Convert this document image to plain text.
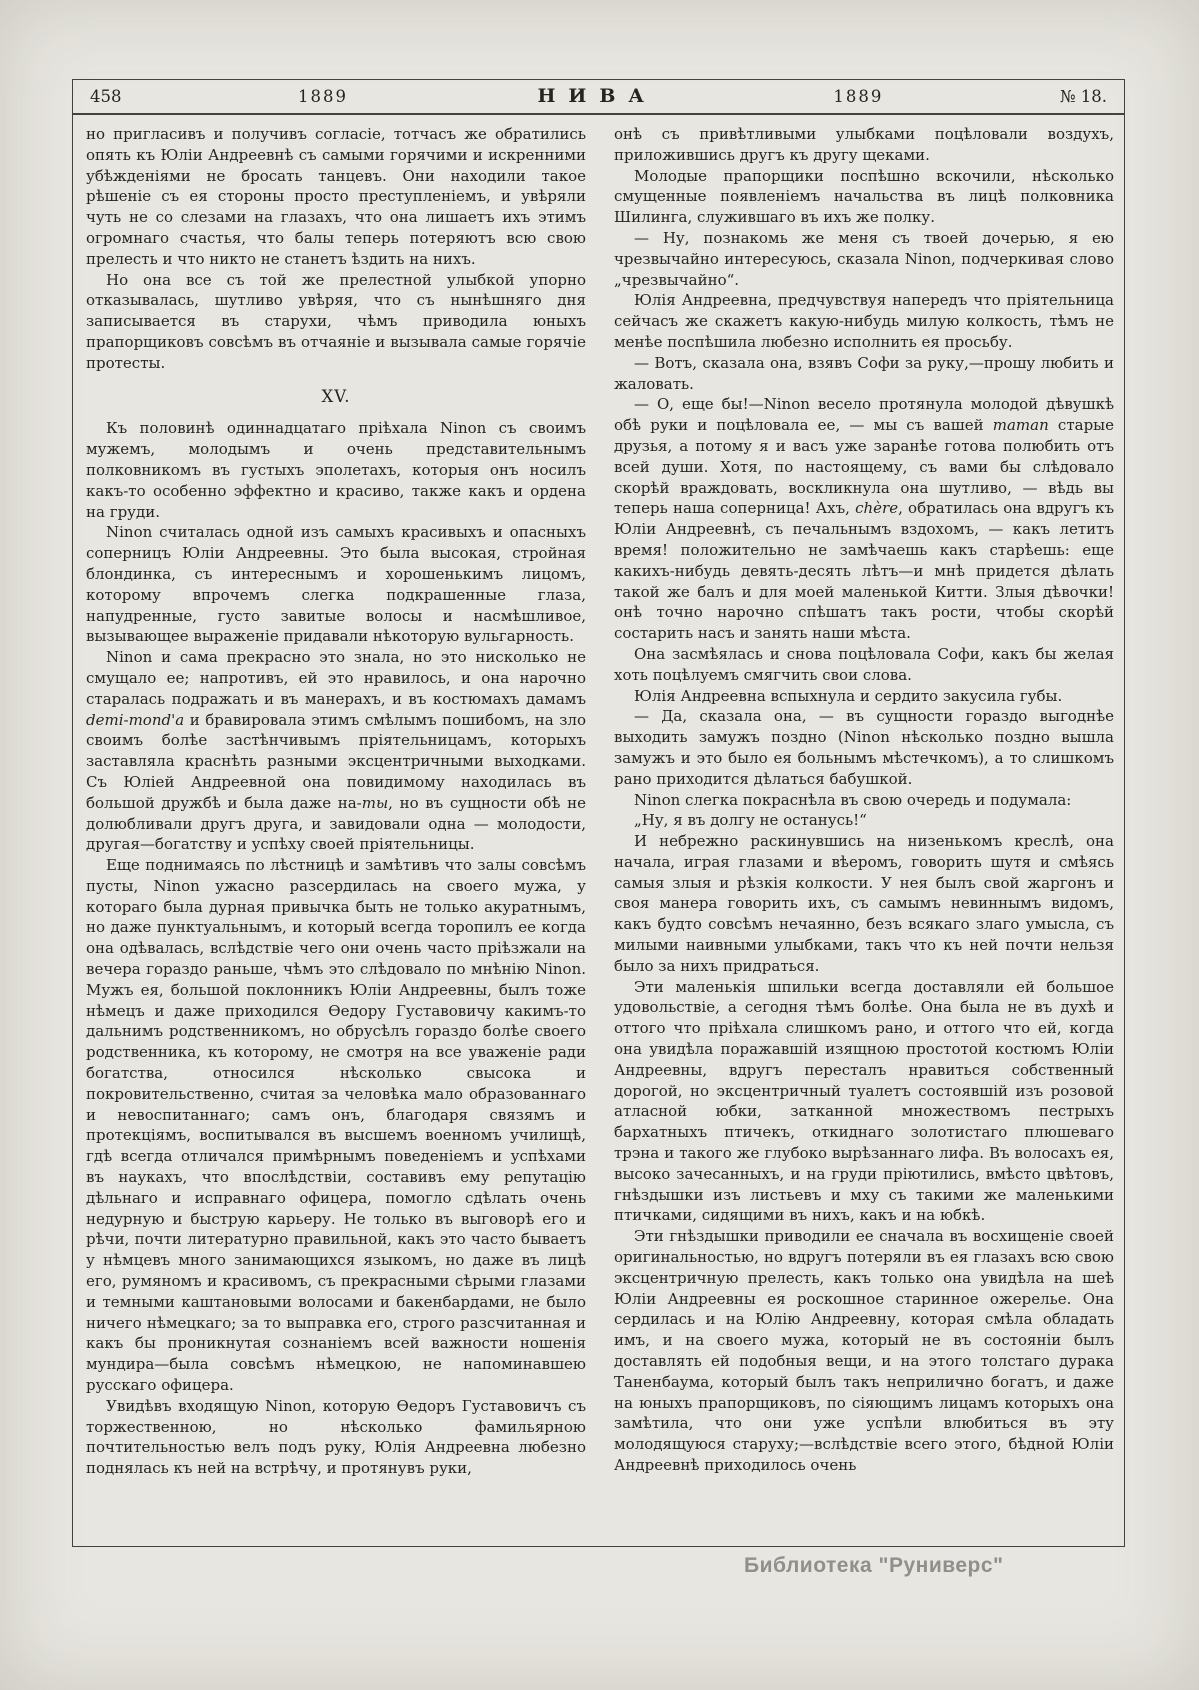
458	1889	НИВА	1889	№ 18.

но пригласивъ и получивъ согласіе, тотчасъ же обратились опять къ Юліи Андреевнѣ съ самыми горячими и искренними убѣжденіями не бросать танцевъ. Они находили такое рѣшеніе съ ея стороны просто преступленіемъ, и увѣряли чуть не со слезами на глазахъ, что она лишаетъ ихъ этимъ огромнаго счастья, что балы теперь потеряютъ всю свою прелесть и что никто не станетъ ѣздить на нихъ.

Но она все съ той же прелестной улыбкой упорно отказывалась, шутливо увѣряя, что съ нынѣшняго дня записывается въ старухи, чѣмъ приводила юныхъ прапорщиковъ совсѣмъ въ отчаяніе и вызывала самые горячіе протесты.

XV.

Къ половинѣ одиннадцатаго пріѣхала Ninon съ своимъ мужемъ, молодымъ и очень представительнымъ полковникомъ въ густыхъ эполетахъ, которыя онъ носилъ какъ-то особенно эффектно и красиво, также какъ и ордена на груди.

Ninon считалась одной изъ самыхъ красивыхъ и опасныхъ соперницъ Юліи Андреевны. Это была высокая, стройная блондинка, съ интереснымъ и хорошенькимъ лицомъ, которому впрочемъ слегка подкрашенные глаза, напудренные, густо завитые волосы и насмѣшливое, вызывающее выраженіе придавали нѣкоторую вульгарность.

Ninon и сама прекрасно это знала, но это нисколько не смущало ее; напротивъ, ей это нравилось, и она нарочно старалась подражать и въ манерахъ, и въ костюмахъ дамамъ demi-mond'a и бравировала этимъ смѣлымъ пошибомъ, на зло своимъ болѣе застѣнчивымъ пріятельницамъ, которыхъ заставляла краснѣть разными эксцентричными выходками. Съ Юліей Андреевной она повидимому находилась въ большой дружбѣ и была даже на-ты, но въ сущности обѣ не долюбливали другъ друга, и завидовали одна — молодости, другая—богатству и успѣху своей пріятельницы.

Еще поднимаясь по лѣстницѣ и замѣтивъ что залы совсѣмъ пусты, Ninon ужасно разсердилась на своего мужа, у котораго была дурная привычка быть не только акуратнымъ, но даже пунктуальнымъ, и который всегда торопилъ ее когда она одѣвалась, вслѣдствіе чего они очень часто пріѣзжали на вечера гораздо раньше, чѣмъ это слѣдовало по мнѣнію Ninon. Мужъ ея, большой поклонникъ Юліи Андреевны, былъ тоже нѣмецъ и даже приходился Ѳедору Густавовичу какимъ-то дальнимъ родственникомъ, но обрусѣлъ гораздо болѣе своего родственника, къ которому, не смотря на все уваженіе ради богатства, относился нѣсколько свысока и покровительственно, считая за человѣка мало образованнаго и невоспитаннаго; самъ онъ, благодаря связямъ и протекціямъ, воспитывался въ высшемъ военномъ училищѣ, гдѣ всегда отличался примѣрнымъ поведеніемъ и успѣхами въ наукахъ, что впослѣдствіи, составивъ ему репутацію дѣльнаго и исправнаго офицера, помогло сдѣлать очень недурную и быструю карьеру. Не только въ выговорѣ его и рѣчи, почти литературно правильной, какъ это часто бываетъ у нѣмцевъ много занимающихся языкомъ, но даже въ лицѣ его, румяномъ и красивомъ, съ прекрасными сѣрыми глазами и темными каштановыми волосами и бакенбардами, не было ничего нѣмецкаго; за то выправка его, строго разсчитанная и какъ бы проникнутая сознаніемъ всей важности ношенія мундира—была совсѣмъ нѣмецкою, не напоминавшею русскаго офицера.

Увидѣвъ входящую Ninon, которую Ѳедоръ Густавовичъ съ торжественною, но нѣсколько фамильярною почтительностью велъ подъ руку, Юлія Андреевна любезно поднялась къ ней на встрѣчу, и протянувъ руки,

онѣ съ привѣтливыми улыбками поцѣловали воздухъ, приложившись другъ къ другу щеками.

Молодые прапорщики поспѣшно вскочили, нѣсколько смущенные появленіемъ начальства въ лицѣ полковника Шилинга, служившаго въ ихъ же полку.

— Ну, познакомь же меня съ твоей дочерью, я ею чрезвычайно интересуюсь, сказала Ninon, подчеркивая слово „чрезвычайно“.

Юлія Андреевна, предчувствуя напередъ что пріятельница сейчасъ же скажетъ какую-нибудь милую колкость, тѣмъ не менѣе поспѣшила любезно исполнить ея просьбу.

— Вотъ, сказала она, взявъ Софи за руку,—прошу любить и жаловать.

— О, еще бы!—Ninon весело протянула молодой дѣвушкѣ обѣ руки и поцѣловала ее, — мы съ вашей maman старые друзья, а потому я и васъ уже заранѣе готова полюбить отъ всей души. Хотя, по настоящему, съ вами бы слѣдовало скорѣй враждовать, воскликнула она шутливо, — вѣдь вы теперь наша соперница! Ахъ, chère, обратилась она вдругъ къ Юліи Андреевнѣ, съ печальнымъ вздохомъ, — какъ летитъ время! положительно не замѣчаешь какъ старѣешь: еще какихъ-нибудь девять-десять лѣтъ—и мнѣ придется дѣлать такой же балъ и для моей маленькой Китти. Злыя дѣвочки! онѣ точно нарочно спѣшатъ такъ рости, чтобы скорѣй состарить насъ и занять наши мѣста.

Она засмѣялась и снова поцѣловала Софи, какъ бы желая хоть поцѣлуемъ смягчить свои слова.

Юлія Андреевна вспыхнула и сердито закусила губы.

— Да, сказала она, — въ сущности гораздо выгоднѣе выходить замужъ поздно (Ninon нѣсколько поздно вышла замужъ и это было ея больнымъ мѣстечкомъ), а то слишкомъ рано приходится дѣлаться бабушкой.

Ninon слегка покраснѣла въ свою очередь и подумала:

„Ну, я въ долгу не останусь!“

И небрежно раскинувшись на низенькомъ креслѣ, она начала, играя глазами и вѣеромъ, говорить шутя и смѣясь самыя злыя и рѣзкія колкости. У нея былъ свой жаргонъ и своя манера говорить ихъ, съ самымъ невиннымъ видомъ, какъ будто совсѣмъ нечаянно, безъ всякаго злаго умысла, съ милыми наивными улыбками, такъ что къ ней почти нельзя было за нихъ придраться.

Эти маленькія шпильки всегда доставляли ей большое удовольствіе, а сегодня тѣмъ болѣе. Она была не въ духѣ и оттого что пріѣхала слишкомъ рано, и оттого что ей, когда она увидѣла поражавшій изящною простотой костюмъ Юліи Андреевны, вдругъ пересталъ нравиться собственный дорогой, но эксцентричный туалетъ состоявшій изъ розовой атласной юбки, затканной множествомъ пестрыхъ бархатныхъ птичекъ, откиднаго золотистаго плюшеваго трэна и такого же глубоко вырѣзаннаго лифа. Въ волосахъ ея, высоко зачесанныхъ, и на груди пріютились, вмѣсто цвѣтовъ, гнѣздышки изъ листьевъ и мху съ такими же маленькими птичками, сидящими въ нихъ, какъ и на юбкѣ.

Эти гнѣздышки приводили ее сначала въ восхищеніе своей оригинальностью, но вдругъ потеряли въ ея глазахъ всю свою эксцентричную прелесть, какъ только она увидѣла на шеѣ Юліи Андреевны ея роскошное старинное ожерелье. Она сердилась и на Юлію Андреевну, которая смѣла обладать имъ, и на своего мужа, который не въ состояніи былъ доставлять ей подобныя вещи, и на этого толстаго дурака Таненбаума, который былъ такъ неприлично богатъ, и даже на юныхъ прапорщиковъ, по сіяющимъ лицамъ которыхъ она замѣтила, что они уже успѣли влюбиться въ эту молодящуюся старуху;—вслѣдствіе всего этого, бѣдной Юліи Андреевнѣ приходилось очень

Библиотека "Руниверс"
